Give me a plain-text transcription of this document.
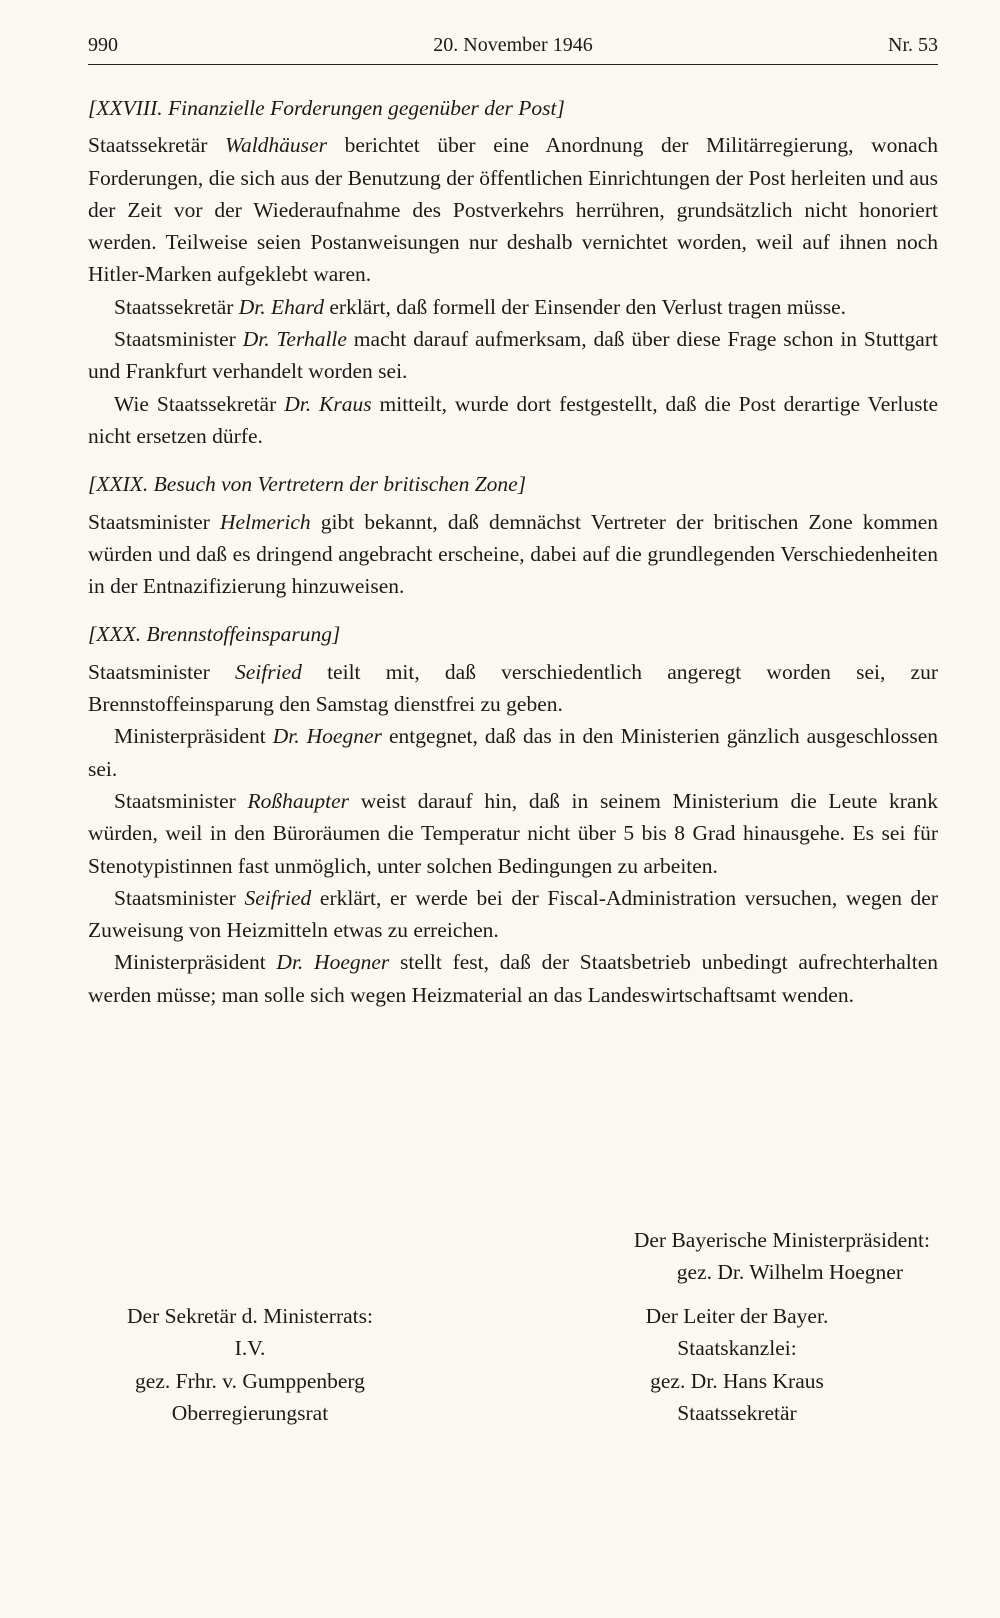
990	20. November 1946	Nr. 53
[XXVIII. Finanzielle Forderungen gegenüber der Post]

Staatssekretär Waldhäuser berichtet über eine Anordnung der Militärregierung, wonach Forderungen, die sich aus der Benutzung der öffentlichen Einrichtungen der Post herleiten und aus der Zeit vor der Wiederaufnahme des Postverkehrs herrühren, grundsätzlich nicht honoriert werden. Teilweise seien Postanweisungen nur deshalb vernichtet worden, weil auf ihnen noch Hitler-Marken aufgeklebt waren.

Staatssekretär Dr. Ehard erklärt, daß formell der Einsender den Verlust tragen müsse.

Staatsminister Dr. Terhalle macht darauf aufmerksam, daß über diese Frage schon in Stuttgart und Frankfurt verhandelt worden sei.

Wie Staatssekretär Dr. Kraus mitteilt, wurde dort festgestellt, daß die Post derartige Verluste nicht ersetzen dürfe.

[XXIX. Besuch von Vertretern der britischen Zone]

Staatsminister Helmerich gibt bekannt, daß demnächst Vertreter der britischen Zone kommen würden und daß es dringend angebracht erscheine, dabei auf die grundlegenden Verschiedenheiten in der Entnazifizierung hinzuweisen.

[XXX. Brennstoffeinsparung]

Staatsminister Seifried teilt mit, daß verschiedentlich angeregt worden sei, zur Brennstoffeinsparung den Samstag dienstfrei zu geben.

Ministerpräsident Dr. Hoegner entgegnet, daß das in den Ministerien gänzlich ausgeschlossen sei.

Staatsminister Roßhaupter weist darauf hin, daß in seinem Ministerium die Leute krank würden, weil in den Büroräumen die Temperatur nicht über 5 bis 8 Grad hinausgehe. Es sei für Stenotypistinnen fast unmöglich, unter solchen Bedingungen zu arbeiten.

Staatsminister Seifried erklärt, er werde bei der Fiscal-Administration versuchen, wegen der Zuweisung von Heizmitteln etwas zu erreichen.

Ministerpräsident Dr. Hoegner stellt fest, daß der Staatsbetrieb unbedingt aufrechterhalten werden müsse; man solle sich wegen Heizmaterial an das Landeswirtschaftsamt wenden.

Der Bayerische Ministerpräsident:
gez. Dr. Wilhelm Hoegner
Der Sekretär d. Ministerrats:
I.V.
gez. Frhr. v. Gumppenberg
Oberregierungsrat
Der Leiter der Bayer.
Staatskanzlei:
gez. Dr. Hans Kraus
Staatssekretär
